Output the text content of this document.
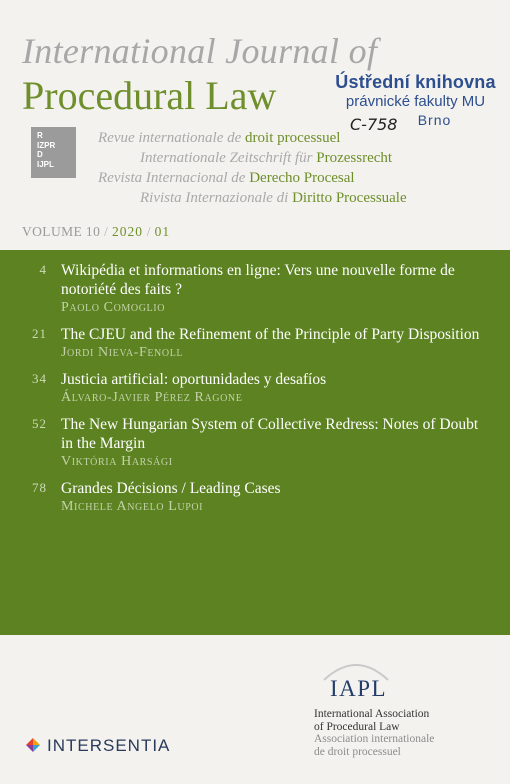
International Journal of
Procedural Law	Ústřední knihovna
právnické fakulty MU
Brno
C-758
R
IZPR
D
IJPL
Revue internationale de droit processuel
Internationale Zeitschrift für Prozessrecht
Revista Internacional de Derecho Procesal
Rivista Internazionale di Diritto Processuale
VOLUME 10 / 2020 / 01
4 Wikipédia et informations en ligne: Vers une nouvelle forme de notoriété des faits ?
Paolo Comoglio
21 The CJEU and the Refinement of the Principle of Party Disposition
Jordi Nieva-Fenoll
34 Justicia artificial: oportunidades y desafíos
Álvaro-Javier Pérez Ragone
52 The New Hungarian System of Collective Redress: Notes of Doubt in the Margin
Viktória Harsági
78 Grandes Décisions / Leading Cases
Michele Angelo Lupoi
IAPL
International Association
of Procedural Law
Association internationale
de droit processuel
INTERSENTIA
